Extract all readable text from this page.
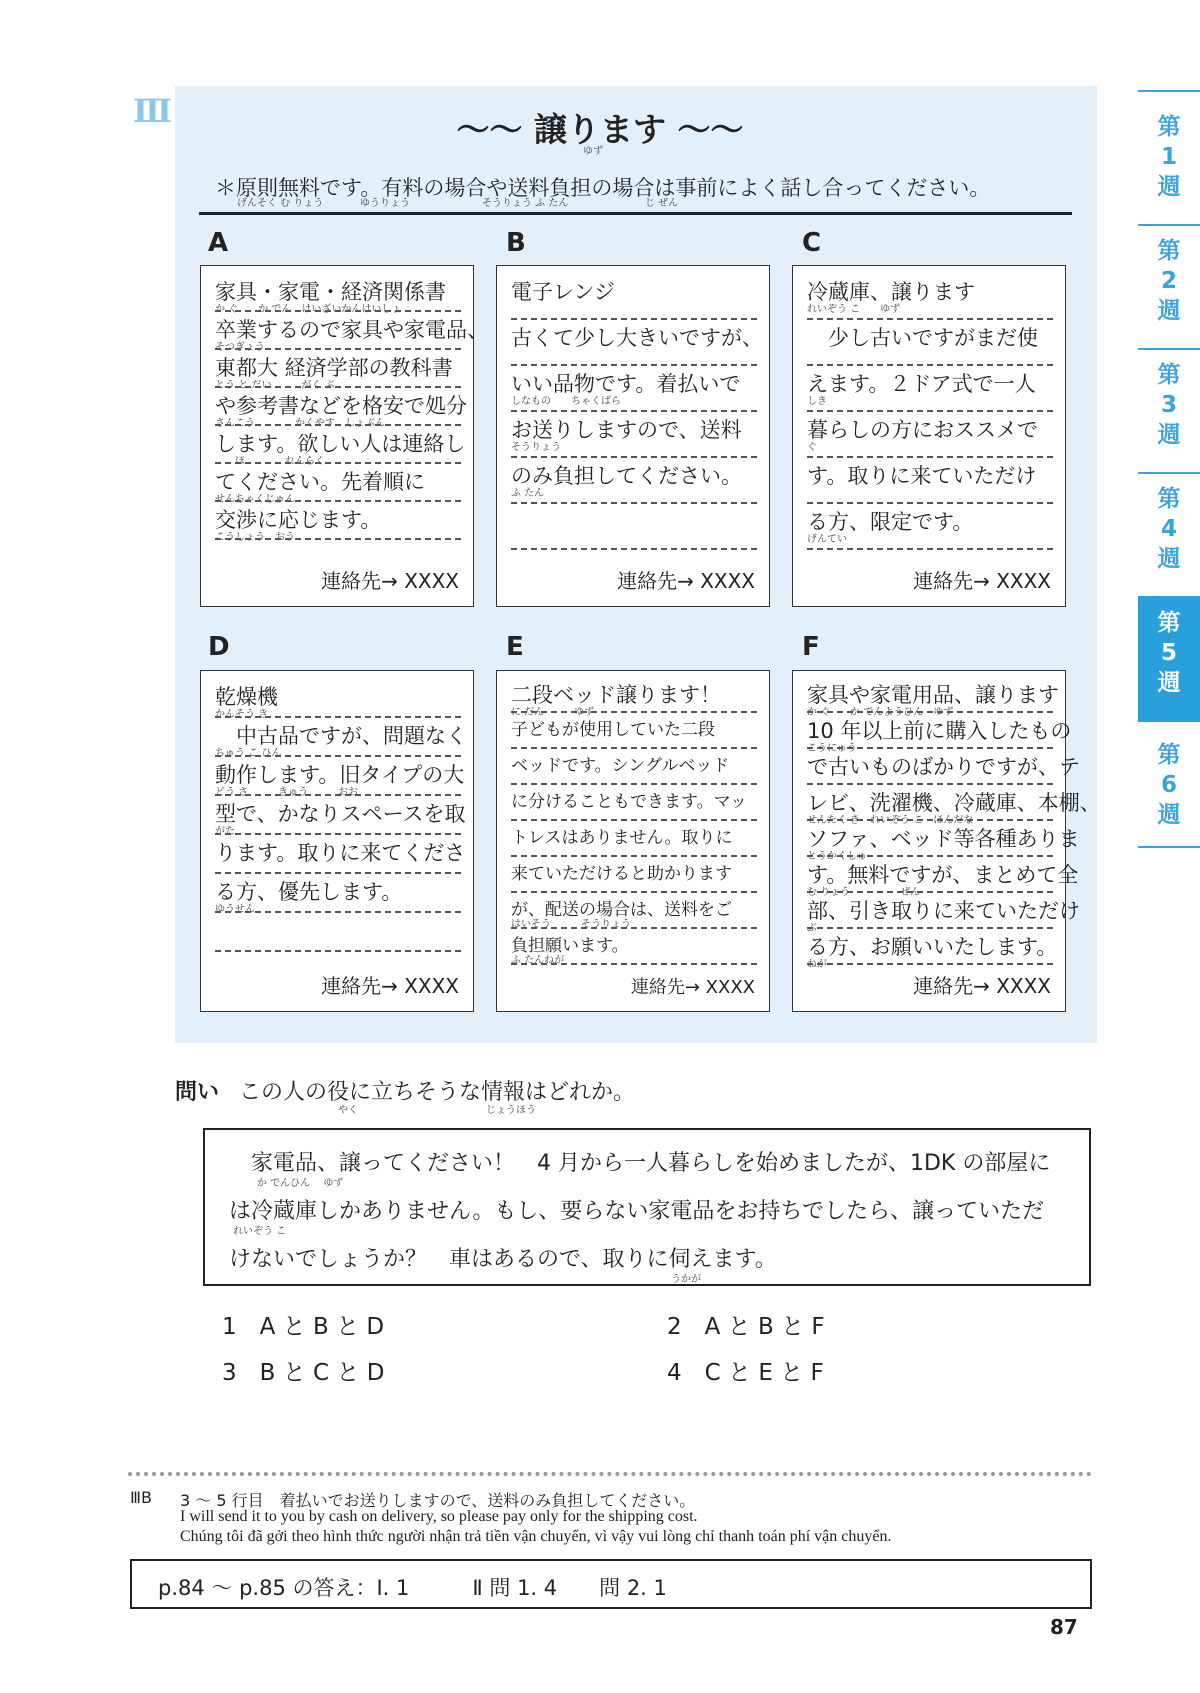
第
1
週
第
2
週
第
3
週
第
4
週
第
5
週
第
6
週
Ⅲ	～～ 譲ります ～～
ゆず
＊原則無料です。有料の場合や送料負担の場合は事前によく話し合ってください。
げんそく む りょう	ゆうりょう	そうりょう ふ たん	じ ぜん
A
家具・家電・経済関係書
か ぐ　　か でん　けいざいかんけいしょ
卒業するので家具や家電品、
そつぎょう
東都大 経済学部の教科書
とう と だい　　　がく ぶ
や参考書などを格安で処分
さんこう　　　　かくやす　しょぶん
します。欲しい人は連絡し
　　ほ　　　　れんらく
てください。先着順に
せんちゃくじゅん
交渉に応じます。
こうしょう　おう
連絡先→ XXXX
B
電子レンジ
古くて少し大きいですが、
いい品物です。着払いで
しなもの　　ちゃくばら
お送りしますので、送料
そうりょう
のみ負担してください。
ふ たん
連絡先→ XXXX
C
冷蔵庫、譲ります
れいぞう こ　　ゆず
　少し古いですがまだ使
えます。２ドア式で一人
しき
暮らしの方におススメで
ぐ
す。取りに来ていただけ
る方、限定です。
げんてい
連絡先→ XXXX
D
乾燥機
かんそう き
　中古品ですが、問題なく
ちゅう こ ひん
動作します。旧タイプの大
どう さ　　　きゅう　　　おお
型で、かなりスペースを取
がた
ります。取りに来てくださ
る方、優先します。
ゆうせん
連絡先→ XXXX
E
二段ベッド譲ります！
に だん　　　ゆず
子どもが使用していた二段
ベッドです。シングルベッド
に分けることもできます。マッ
トレスはありません。取りに
来ていただけると助かります
が、配送の場合は、送料をご
はいそう　　　そうりょう
負担願います。
ふ たんねが
連絡先→ XXXX
F
家具や家電用品、譲ります
か ぐ　　か でんようひん　ゆず
10 年以上前に購入したもの
こうにゅう
で古いものばかりですが、テ
レビ、洗濯機、冷蔵庫、本棚、
せんたく き　れいぞう こ　ほんだな
ソファ、ベッド等各種ありま
とうかくしゅ
す。無料ですが、まとめて全
む りょう　　　　　ぜん
部、引き取りに来ていただけ
ぶ
る方、お願いいたします。
ねが
連絡先→ XXXX
問い この人の役に立ちそうな情報はどれか。
やく	じょうほう
　家電品、譲ってください！　4 月から一人暮らしを始めましたが、1DK の部屋に
か でんひん　 ゆず
は冷蔵庫しかありません。もし、要らない家電品をお持ちでしたら、譲っていただ
れいぞう こ
けないでしょうか？　車はあるので、取りに伺えます。
うかが
1　A と B と D	2　A と B と F
3　B と C と D	4　C と E と F
ⅢB 3 ～ 5 行目　着払いでお送りしますので、送料のみ負担してください。
I will send it to you by cash on delivery, so please pay only for the shipping cost.
Chúng tôi đã gởi theo hình thức người nhận trả tiền vận chuyển, vì vậy vui lòng chỉ thanh toán phí vận chuyển.
p.84 ～ p.85 の答え：Ⅰ. 1　　　Ⅱ 問 1. 4　　問 2. 1
87
